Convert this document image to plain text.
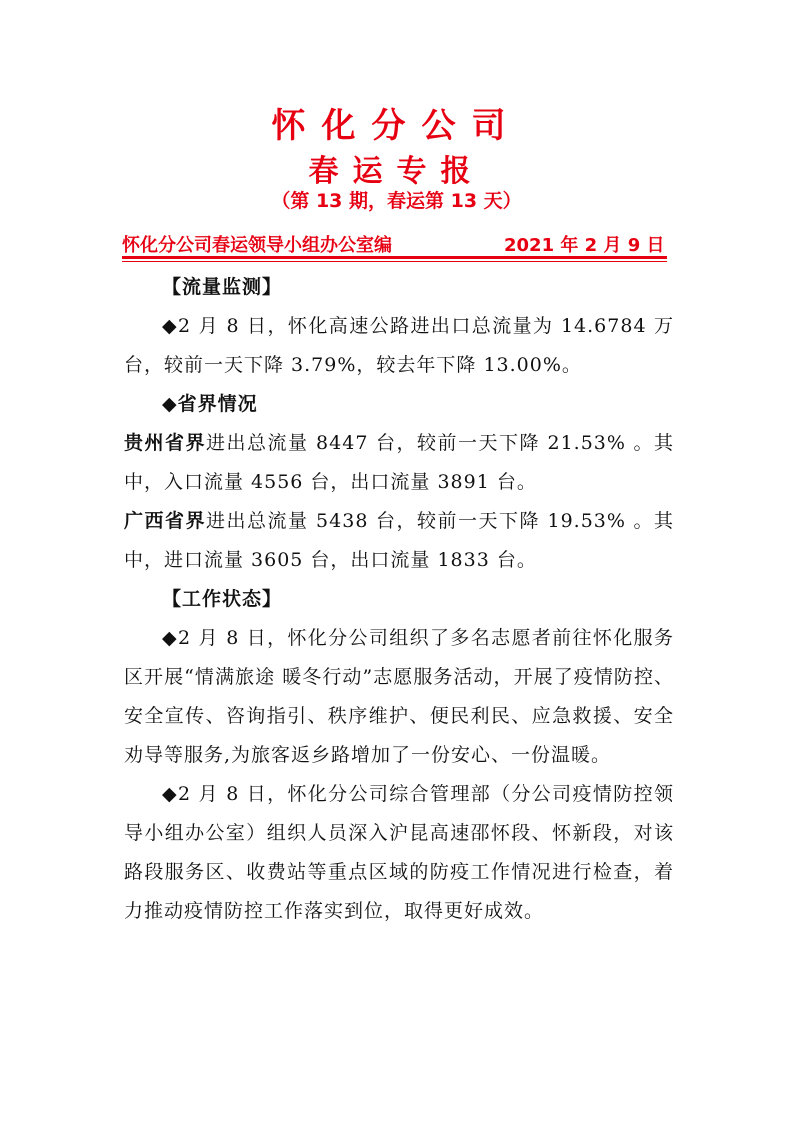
怀化分公司
春运专报
（第 13 期，春运第 13 天）
怀化分公司春运领导小组办公室编	2021 年 2 月 9 日

【流量监测】

◆2 月 8 日，怀化高速公路进出口总流量为 14.6784 万台，较前一天下降 3.79%，较去年下降 13.00%。

◆省界情况

贵州省界进出总流量 8447 台，较前一天下降 21.53% 。其中，入口流量 4556 台，出口流量 3891 台。

广西省界进出总流量 5438 台，较前一天下降 19.53% 。其中，进口流量 3605 台，出口流量 1833 台。

【工作状态】

◆2 月 8 日，怀化分公司组织了多名志愿者前往怀化服务区开展“情满旅途 暖冬行动”志愿服务活动，开展了疫情防控、安全宣传、咨询指引、秩序维护、便民利民、应急救援、安全劝导等服务,为旅客返乡路增加了一份安心、一份温暖。

◆2 月 8 日，怀化分公司综合管理部（分公司疫情防控领导小组办公室）组织人员深入沪昆高速邵怀段、怀新段，对该路段服务区、收费站等重点区域的防疫工作情况进行检查，着力推动疫情防控工作落实到位，取得更好成效。
